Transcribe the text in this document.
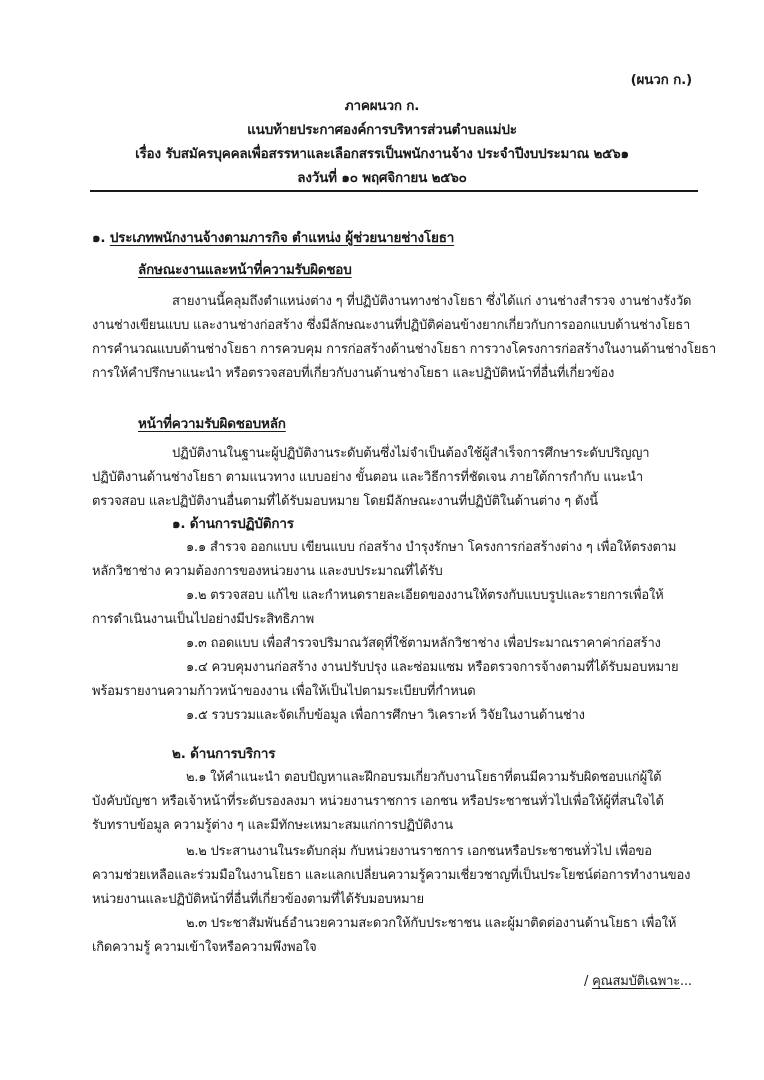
(ผนวก ก.)
ภาคผนวก ก.
แนบท้ายประกาศองค์การบริหารส่วนตำบลแม่ปะ
เรื่อง รับสมัครบุคคลเพื่อสรรหาและเลือกสรรเป็นพนักงานจ้าง ประจำปีงบประมาณ ๒๕๖๑
ลงวันที่ ๑๐ พฤศจิกายน ๒๕๖๐
๑. ประเภทพนักงานจ้างตามภารกิจ ตำแหน่ง ผู้ช่วยนายช่างโยธา
ลักษณะงานและหน้าที่ความรับผิดชอบ
สายงานนี้คลุมถึงตำแหน่งต่าง ๆ ที่ปฏิบัติงานทางช่างโยธา ซึ่งได้แก่ งานช่างสำรวจ งานช่างรังวัด
งานช่างเขียนแบบ และงานช่างก่อสร้าง ซึ่งมีลักษณะงานที่ปฏิบัติค่อนข้างยากเกี่ยวกับการออกแบบด้านช่างโยธา
การคำนวณแบบด้านช่างโยธา การควบคุม การก่อสร้างด้านช่างโยธา การวางโครงการก่อสร้างในงานด้านช่างโยธา
การให้คำปรึกษาแนะนำ หรือตรวจสอบที่เกี่ยวกับงานด้านช่างโยธา และปฏิบัติหน้าที่อื่นที่เกี่ยวข้อง
หน้าที่ความรับผิดชอบหลัก
ปฏิบัติงานในฐานะผู้ปฏิบัติงานระดับต้นซึ่งไม่จำเป็นต้องใช้ผู้สำเร็จการศึกษาระดับปริญญา
ปฏิบัติงานด้านช่างโยธา ตามแนวทาง แบบอย่าง ขั้นตอน และวิธีการที่ชัดเจน ภายใต้การกำกับ แนะนำ
ตรวจสอบ และปฏิบัติงานอื่นตามที่ได้รับมอบหมาย โดยมีลักษณะงานที่ปฏิบัติในด้านต่าง ๆ ดังนี้
๑. ด้านการปฏิบัติการ
๑.๑ สำรวจ ออกแบบ เขียนแบบ ก่อสร้าง บำรุงรักษา โครงการก่อสร้างต่าง ๆ เพื่อให้ตรงตาม
หลักวิชาช่าง ความต้องการของหน่วยงาน และงบประมาณที่ได้รับ
๑.๒ ตรวจสอบ แก้ไข และกำหนดรายละเอียดของงานให้ตรงกับแบบรูปและรายการเพื่อให้
การดำเนินงานเป็นไปอย่างมีประสิทธิภาพ
๑.๓ ถอดแบบ เพื่อสำรวจปริมาณวัสดุที่ใช้ตามหลักวิชาช่าง เพื่อประมาณราคาค่าก่อสร้าง
๑.๔ ควบคุมงานก่อสร้าง งานปรับปรุง และซ่อมแซม หรือตรวจการจ้างตามที่ได้รับมอบหมาย
พร้อมรายงานความก้าวหน้าของงาน เพื่อให้เป็นไปตามระเบียบที่กำหนด
๑.๕ รวบรวมและจัดเก็บข้อมูล เพื่อการศึกษา วิเคราะห์ วิจัยในงานด้านช่าง
๒. ด้านการบริการ
๒.๑ ให้คำแนะนำ ตอบปัญหาและฝึกอบรมเกี่ยวกับงานโยธาที่ตนมีความรับผิดชอบแก่ผู้ใต้
บังคับบัญชา หรือเจ้าหน้าที่ระดับรองลงมา หน่วยงานราชการ เอกชน หรือประชาชนทั่วไปเพื่อให้ผู้ที่สนใจได้
รับทราบข้อมูล ความรู้ต่าง ๆ และมีทักษะเหมาะสมแก่การปฏิบัติงาน
๒.๒ ประสานงานในระดับกลุ่ม กับหน่วยงานราชการ เอกชนหรือประชาชนทั่วไป เพื่อขอ
ความช่วยเหลือและร่วมมือในงานโยธา และแลกเปลี่ยนความรู้ความเชี่ยวชาญที่เป็นประโยชน์ต่อการทำงานของ
หน่วยงานและปฏิบัติหน้าที่อื่นที่เกี่ยวข้องตามที่ได้รับมอบหมาย
๒.๓ ประชาสัมพันธ์อำนวยความสะดวกให้กับประชาชน และผู้มาติดต่องานด้านโยธา เพื่อให้
เกิดความรู้ ความเข้าใจหรือความพึงพอใจ
/ คุณสมบัติเฉพาะ...
